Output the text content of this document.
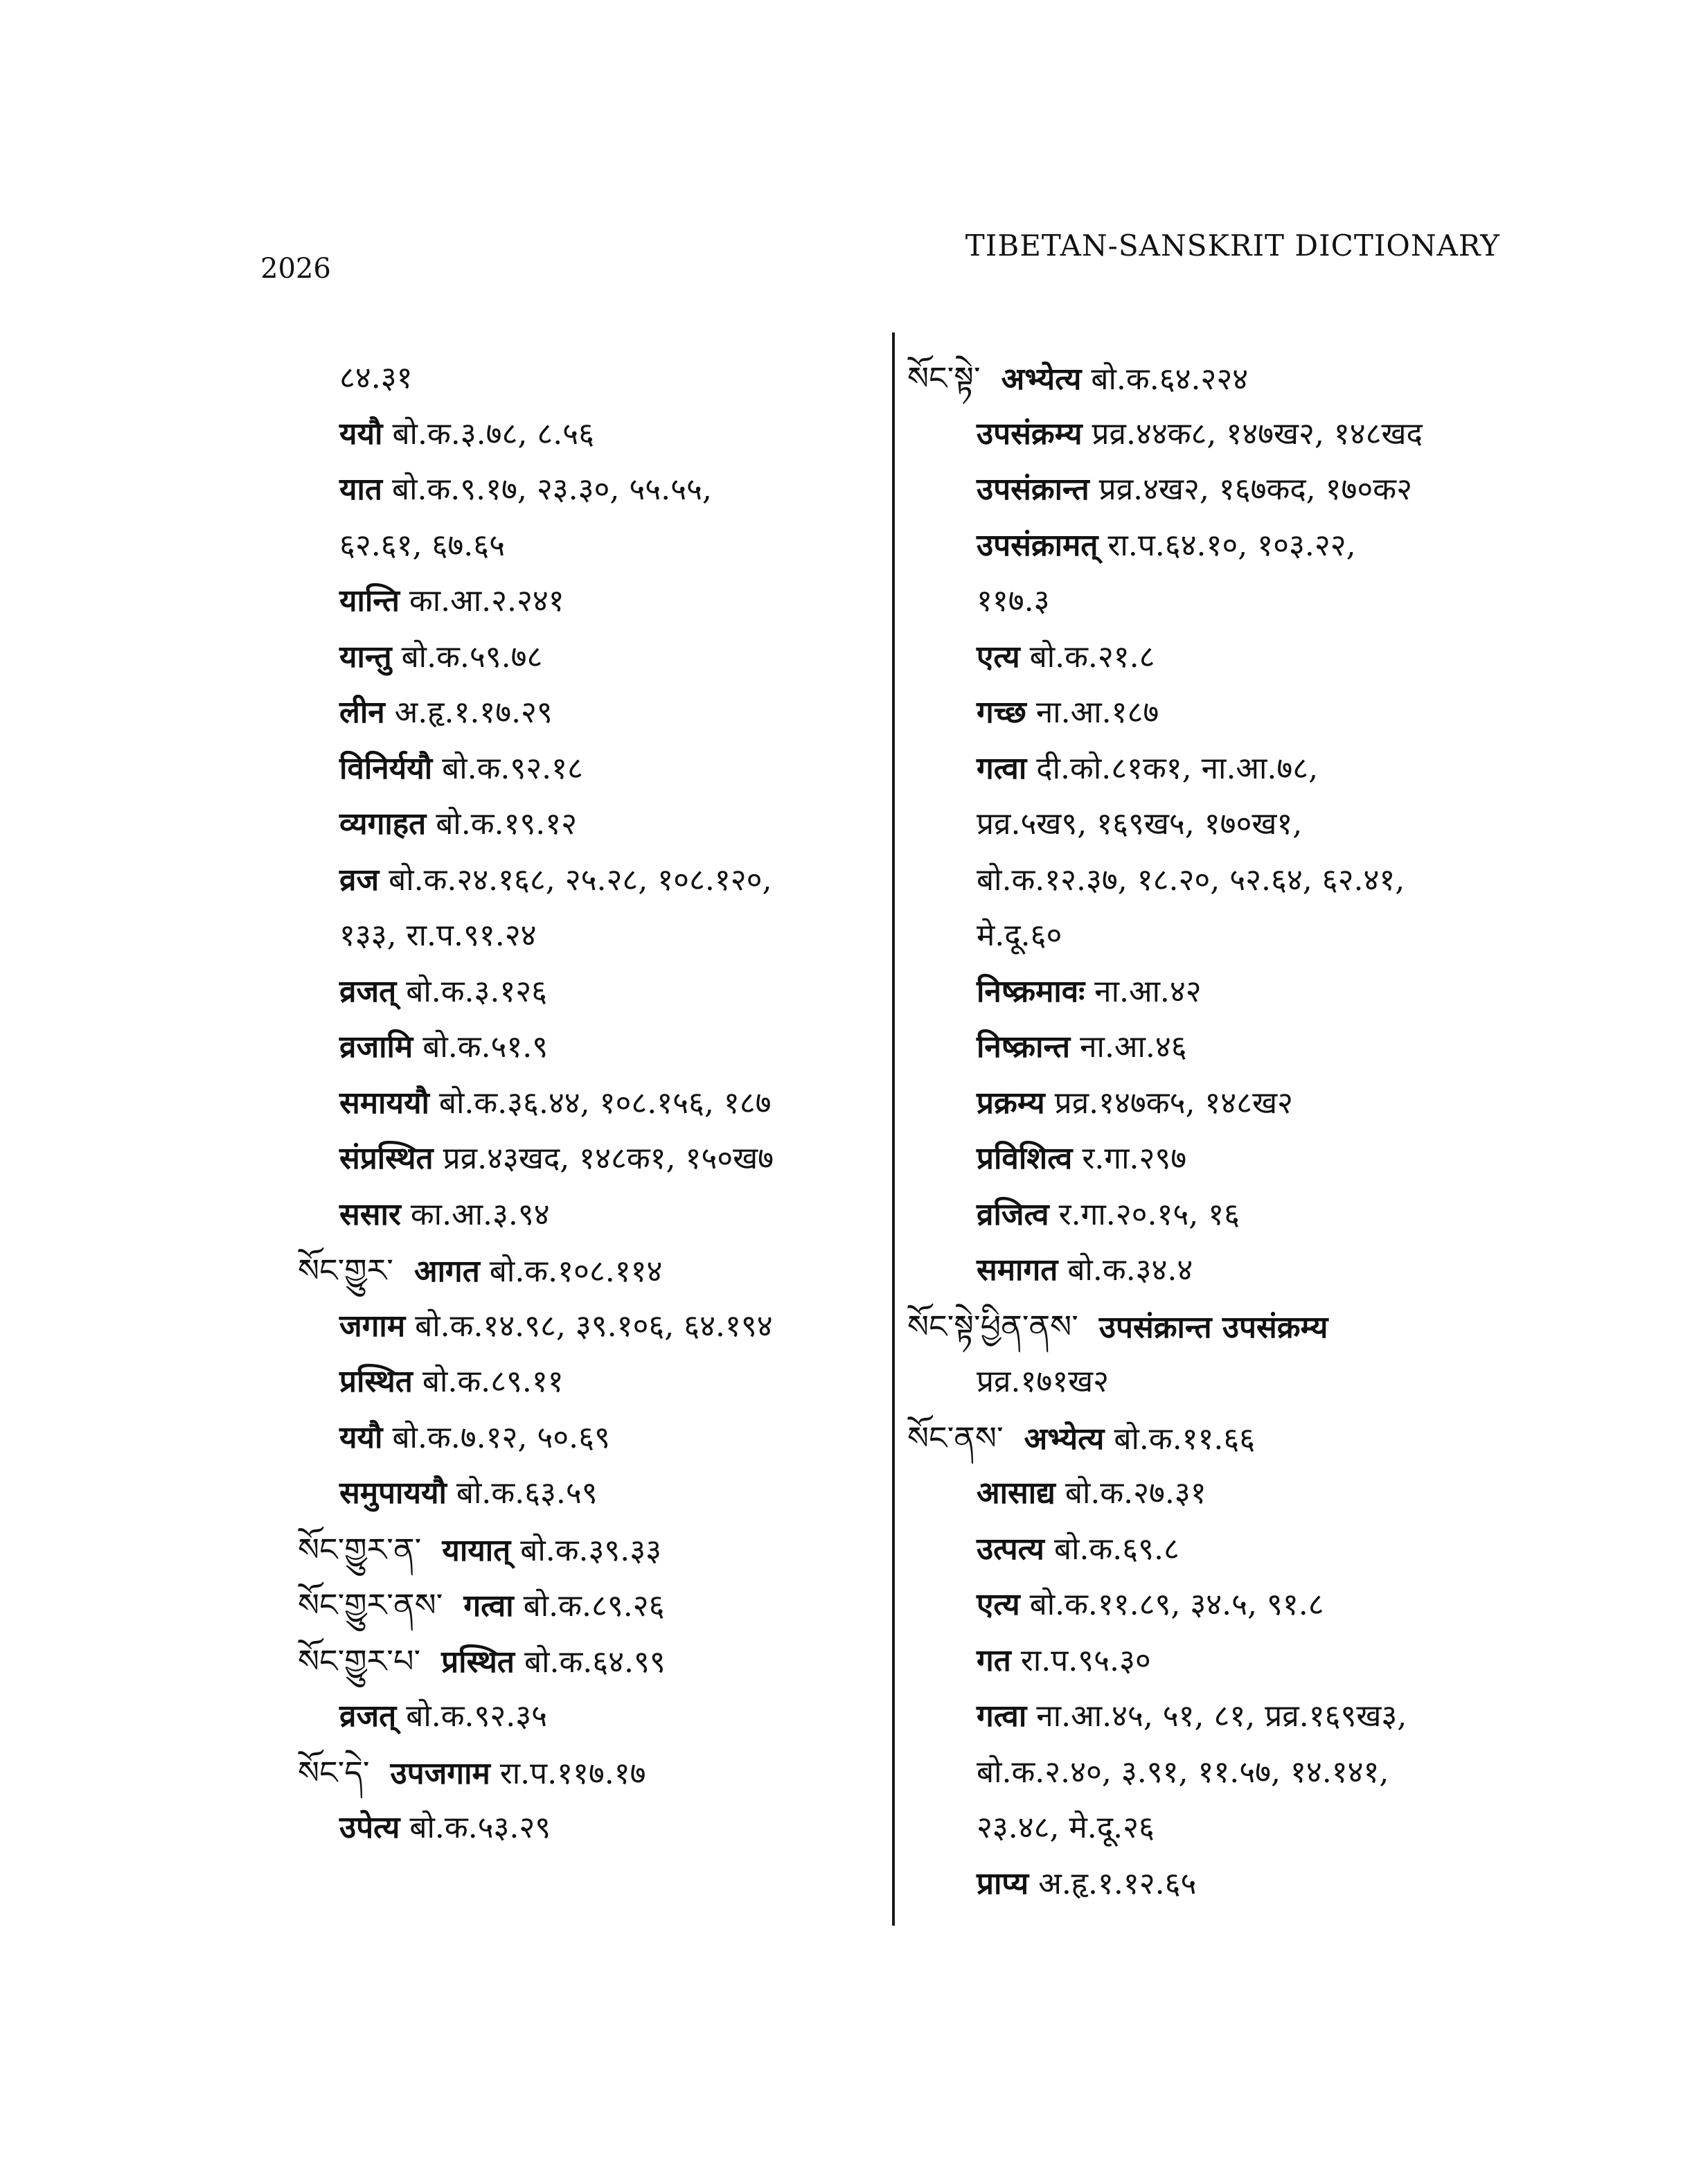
2026
TIBETAN-SANSKRIT DICTIONARY
८४.३१
ययौ बो.क.३.७८, ८.५६
यात बो.क.९.१७, २३.३०, ५५.५५,
६२.६१, ६७.६५
यान्ति का.आ.२.२४१
यान्तु बो.क.५९.७८
लीन अ.हृ.१.१७.२९
विनिर्ययौ बो.क.९२.१८
व्यगाहत बो.क.१९.१२
व्रज बो.क.२४.१६८, २५.२८, १०८.१२०,
१३३, रा.प.९१.२४
व्रजत् बो.क.३.१२६
व्रजामि बो.क.५१.९
समाययौ बो.क.३६.४४, १०८.१५६, १८७
संप्रस्थित प्रव्र.४३खद, १४८क१, १५०ख७
ससार का.आ.३.९४
སོང་གྱུར་ आगत बो.क.१०८.११४
जगाम बो.क.१४.९८, ३९.१०६, ६४.१९४
प्रस्थित बो.क.८९.११
ययौ बो.क.७.१२, ५०.६९
समुपाययौ बो.क.६३.५९
སོང་གྱུར་ན་ यायात् बो.क.३९.३३
སོང་གྱུར་ནས་ गत्वा बो.क.८९.२६
སོང་གྱུར་པ་ प्रस्थित बो.क.६४.९९
व्रजत् बो.क.९२.३५
སོང་དེ་ उपजगाम रा.प.११७.१७
उपेत्य बो.क.५३.२९
སོང་སྟེ་ अभ्येत्य बो.क.६४.२२४
उपसंक्रम्य प्रव्र.४४क८, १४७ख२, १४८खद
उपसंक्रान्त प्रव्र.४ख२, १६७कद, १७०क२
उपसंक्रामत् रा.प.६४.१०, १०३.२२,
११७.३
एत्य बो.क.२१.८
गच्छ ना.आ.१८७
गत्वा दी.को.८१क१, ना.आ.७८,
प्रव्र.५ख९, १६९ख५, १७०ख१,
बो.क.१२.३७, १८.२०, ५२.६४, ६२.४१,
मे.दू.६०
निष्क्रमावः ना.आ.४२
निष्क्रान्त ना.आ.४६
प्रक्रम्य प्रव्र.१४७क५, १४८ख२
प्रविशित्व र.गा.२९७
व्रजित्व र.गा.२०.१५, १६
समागत बो.क.३४.४
སོང་སྟེ་ཕྱིན་ནས་ उपसंक्रान्त उपसंक्रम्य
प्रव्र.१७१ख२
སོང་ནས་ अभ्येत्य बो.क.११.६६
आसाद्य बो.क.२७.३१
उत्पत्य बो.क.६९.८
एत्य बो.क.११.८९, ३४.५, ९१.८
गत रा.प.९५.३०
गत्वा ना.आ.४५, ५१, ८१, प्रव्र.१६९ख३,
बो.क.२.४०, ३.९१, ११.५७, १४.१४१,
२३.४८, मे.दू.२६
प्राप्य अ.हृ.१.१२.६५
